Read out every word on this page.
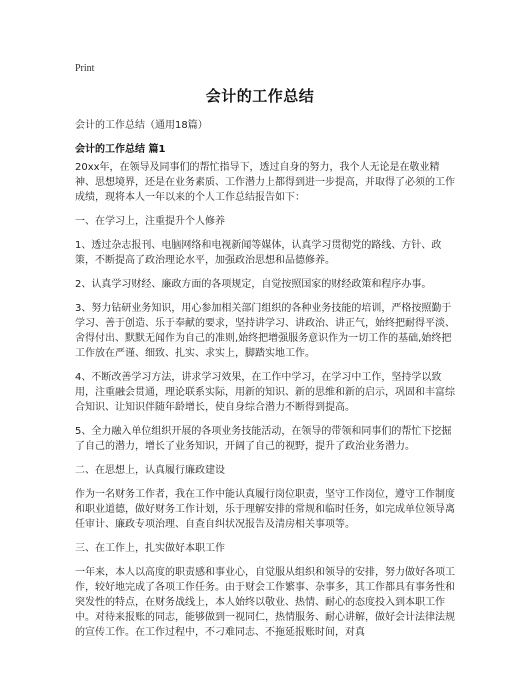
Print
会计的工作总结
会计的工作总结（通用18篇）
会计的工作总结 篇1

20xx年，在领导及同事们的帮忙指导下，透过自身的努力，我个人无论是在敬业精神、思想境界，还是在业务素质、工作潜力上都得到进一步提高，并取得了必须的工作成绩，现将本人一年以来的个人工作总结报告如下：

一、在学习上，注重提升个人修养

1、透过杂志报刊、电脑网络和电视新闻等媒体，认真学习贯彻党的路线、方针、政策，不断提高了政治理论水平，加强政治思想和品德修养。

2、认真学习财经、廉政方面的各项规定，自觉按照国家的财经政策和程序办事。

3、努力钻研业务知识，用心参加相关部门组织的各种业务技能的培训，严格按照勤于学习、善于创造、乐于奉献的要求，坚持讲学习、讲政治、讲正气，始终把耐得平淡、舍得付出、默默无闻作为自己的准则,始终把增强服务意识作为一切工作的基础,始终把工作放在严谨、细致、扎实、求实上，脚踏实地工作。

4、不断改善学习方法，讲求学习效果，在工作中学习，在学习中工作，坚持学以致用，注重融会贯通，理论联系实际，用新的知识、新的思维和新的启示，巩固和丰富综合知识、让知识伴随年龄增长，使自身综合潜力不断得到提高。

5、全力融入单位组织开展的各项业务技能活动，在领导的带领和同事们的帮忙下挖掘了自己的潜力，增长了业务知识，开阔了自己的视野，提升了政治业务潜力。

二、在思想上，认真履行廉政建设

作为一名财务工作者，我在工作中能认真履行岗位职责，坚守工作岗位，遵守工作制度和职业道德，做好财务工作计划，乐于理解安排的常规和临时任务，如完成单位领导离任审计、廉政专项治理、自查自纠状况报告及清房相关事项等。

三、在工作上，扎实做好本职工作

一年来，本人以高度的职责感和事业心，自觉服从组织和领导的安排，努力做好各项工作，较好地完成了各项工作任务。由于财会工作繁事、杂事多，其工作都具有事务性和突发性的特点，在财务战线上，本人始终以敬业、热情、耐心的态度投入到本职工作中。对待来报账的同志，能够做到一视同仁，热情服务、耐心讲解，做好会计法律法规的宣传工作。在工作过程中，不刁难同志、不拖延报账时间，对真
